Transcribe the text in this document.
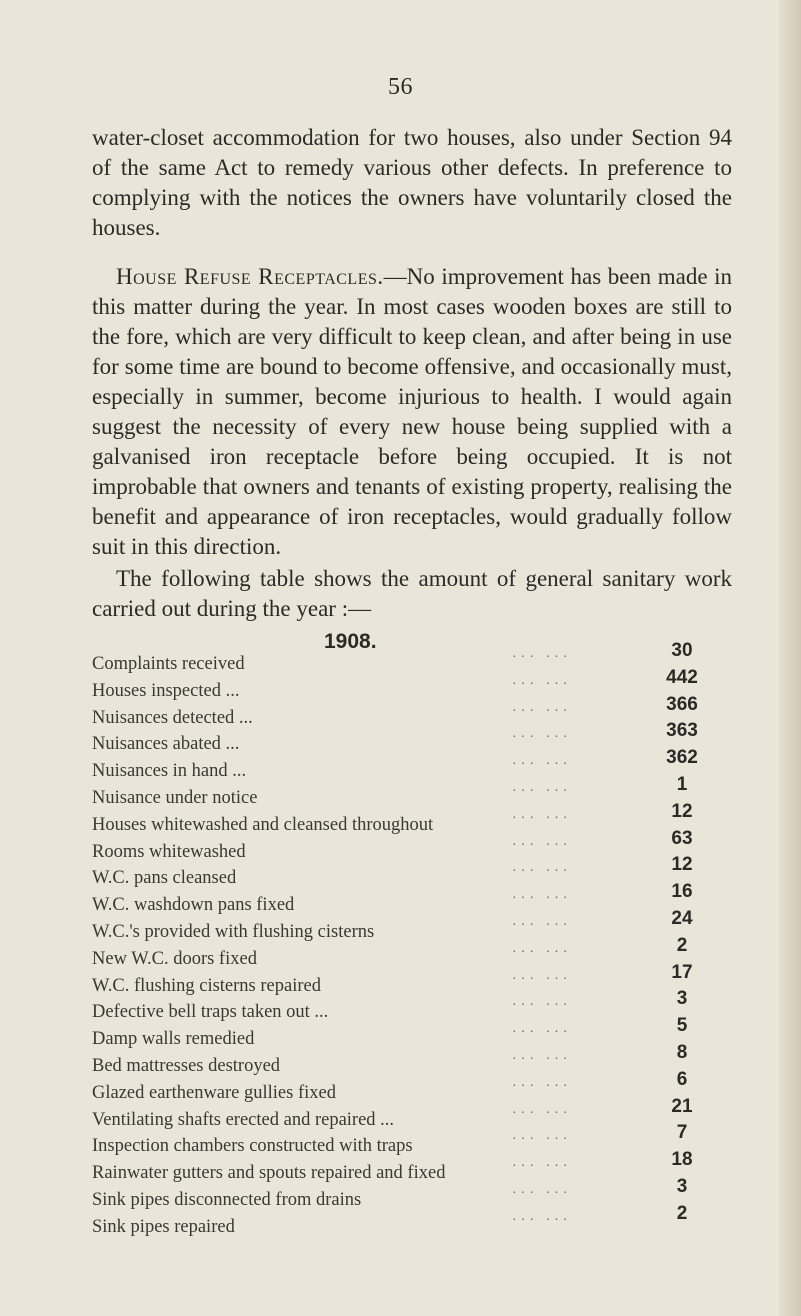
56

water-closet accommodation for two houses, also under Section 94 of the same Act to remedy various other defects. In preference to complying with the notices the owners have voluntarily closed the houses.

House Refuse Receptacles.—No improvement has been made in this matter during the year. In most cases wooden boxes are still to the fore, which are very difficult to keep clean, and after being in use for some time are bound to become offensive, and occasionally must, especially in summer, become injurious to health. I would again suggest the necessity of every new house being supplied with a galvanised iron receptacle before being occupied. It is not improbable that owners and tenants of existing property, realising the benefit and appearance of iron receptacles, would gradually follow suit in this direction.

The following table shows the amount of general sanitary work carried out during the year :—

1908.
Complaints received	··· ···	30
Houses inspected ...	··· ···	442
Nuisances detected ...	··· ···	366
Nuisances abated ...	··· ···	363
Nuisances in hand ...	··· ···	362
Nuisance under notice	··· ···	1
Houses whitewashed and cleansed throughout	··· ···	12
Rooms whitewashed	··· ···	63
W.C. pans cleansed	··· ···	12
W.C. washdown pans fixed	··· ···	16
W.C.'s provided with flushing cisterns	··· ···	24
New W.C. doors fixed	··· ···	2
W.C. flushing cisterns repaired	··· ···	17
Defective bell traps taken out ...	··· ···	3
Damp walls remedied	··· ···	5
Bed mattresses destroyed	··· ···	8
Glazed earthenware gullies fixed	··· ···	6
Ventilating shafts erected and repaired ...	··· ···	21
Inspection chambers constructed with traps	··· ···	7
Rainwater gutters and spouts repaired and fixed	··· ···	18
Sink pipes disconnected from drains	··· ···	3
Sink pipes repaired	··· ···	2
